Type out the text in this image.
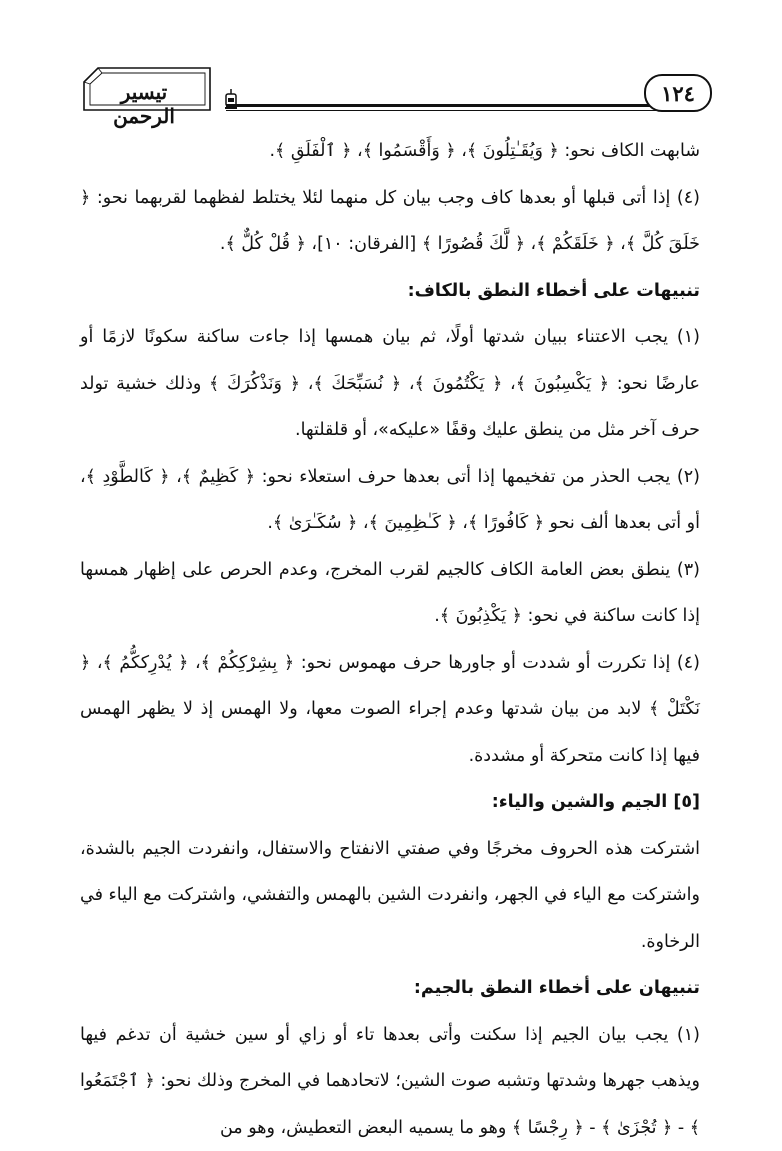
تيسير الرحمن
١٢٤

شابهت الكاف نحو: ﴿ وَيُقَـٰتِلُونَ ﴾، ﴿ وَأَقْسَمُوا ﴾، ﴿ ٱلْفَلَقِ ﴾.

(٤) إذا أتى قبلها أو بعدها كاف وجب بيان كل منهما لئلا يختلط لفظهما لقربهما نحو: ﴿ خَلَقَ كُلَّ ﴾، ﴿ خَلَقَكُمْ ﴾، ﴿ لَّكَ قُصُورًا ﴾ [الفرقان: ١٠]، ﴿ قُلْ كُلٌّ ﴾.

تنبيهات على أخطاء النطق بالكاف:

(١) يجب الاعتناء ببيان شدتها أولًا، ثم بيان همسها إذا جاءت ساكنة سكونًا لازمًا أو عارضًا نحو: ﴿ يَكْسِبُونَ ﴾، ﴿ يَكْتُمُونَ ﴾، ﴿ نُسَبِّحَكَ ﴾، ﴿ وَنَذْكُرَكَ ﴾ وذلك خشية تولد حرف آخر مثل من ينطق عليك وقفًا «عليكه»، أو قلقلتها.

(٢) يجب الحذر من تفخيمها إذا أتى بعدها حرف استعلاء نحو: ﴿ كَظِيمٌ ﴾، ﴿ كَالطَّوْدِ ﴾، أو أتى بعدها ألف نحو ﴿ كَافُورًا ﴾، ﴿ كَـٰظِمِينَ ﴾، ﴿ سُكَـٰرَىٰ ﴾.

(٣) ينطق بعض العامة الكاف كالجيم لقرب المخرج، وعدم الحرص على إظهار همسها إذا كانت ساكنة في نحو: ﴿ يَكْذِبُونَ ﴾.

(٤) إذا تكررت أو شددت أو جاورها حرف مهموس نحو: ﴿ بِشِرْكِكُمْ ﴾، ﴿ يُدْرِككُّمُ ﴾، ﴿ نَكْتَلْ ﴾ لابد من بيان شدتها وعدم إجراء الصوت معها، ولا الهمس إذ لا يظهر الهمس فيها إذا كانت متحركة أو مشددة.

[٥] الجيم والشين والياء:

اشتركت هذه الحروف مخرجًا وفي صفتي الانفتاح والاستفال، وانفردت الجيم بالشدة، واشتركت مع الياء في الجهر، وانفردت الشين بالهمس والتفشي، واشتركت مع الياء في الرخاوة.

تنبيهان على أخطاء النطق بالجيم:

(١) يجب بيان الجيم إذا سكنت وأتى بعدها تاء أو زاي أو سين خشية أن تدغم فيها ويذهب جهرها وشدتها وتشبه صوت الشين؛ لاتحادهما في المخرج وذلك نحو: ﴿ ٱجْتَمَعُوا ﴾ - ﴿ تُجْزَىٰ ﴾ - ﴿ رِجْسًا ﴾ وهو ما يسميه البعض التعطيش، وهو من
